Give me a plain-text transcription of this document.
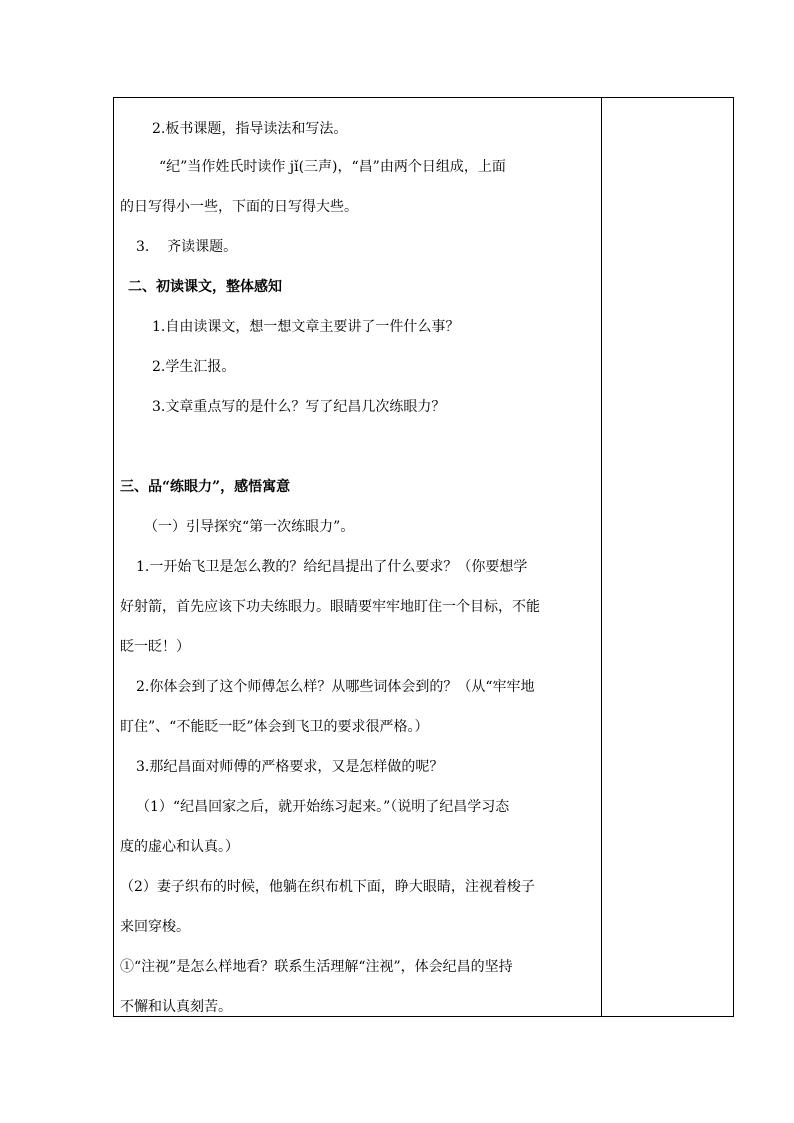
2.板书课题，指导读法和写法。
“纪”当作姓氏时读作 jǐ(三声)，“昌”由两个日组成，上面
的日写得小一些，下面的日写得大些。
3.    齐读课题。
二、初读课文，整体感知
1.自由读课文，想一想文章主要讲了一件什么事？
2.学生汇报。
3.文章重点写的是什么？写了纪昌几次练眼力？
三、品“练眼力”，感悟寓意
（一）引导探究“第一次练眼力”。
1.一开始飞卫是怎么教的？给纪昌提出了什么要求？（你要想学
好射箭，首先应该下功夫练眼力。眼睛要牢牢地盯住一个目标，不能
眨一眨！）
2.你体会到了这个师傅怎么样？从哪些词体会到的？（从“牢牢地
盯住”、“不能眨一眨”体会到飞卫的要求很严格。）
3.那纪昌面对师傅的严格要求，又是怎样做的呢？
（1）“纪昌回家之后，就开始练习起来。”（说明了纪昌学习态
度的虚心和认真。）
（2）妻子织布的时候，他躺在织布机下面，睁大眼睛，注视着梭子
来回穿梭。
①“注视”是怎么样地看？联系生活理解“注视”，体会纪昌的坚持
不懈和认真刻苦。
